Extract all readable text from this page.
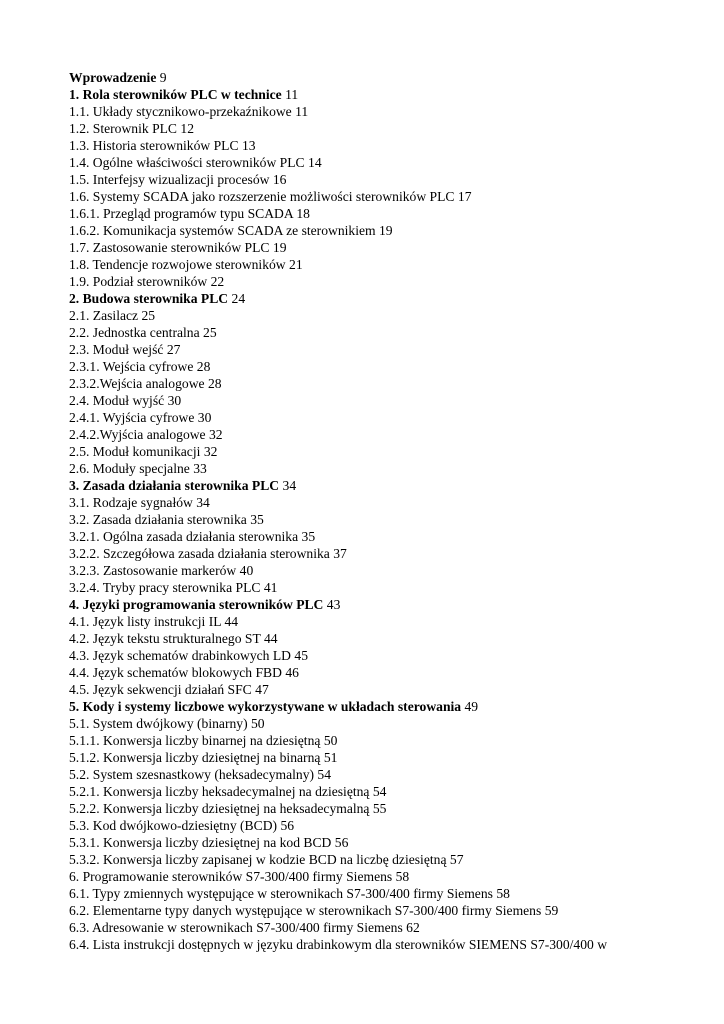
Wprowadzenie 9
1. Rola sterowników PLC w technice 11
1.1. Układy stycznikowo-przekaźnikowe 11
1.2. Sterownik PLC 12
1.3. Historia sterowników PLC 13
1.4. Ogólne właściwości sterowników PLC 14
1.5. Interfejsy wizualizacji procesów 16
1.6. Systemy SCADA jako rozszerzenie możliwości sterowników PLC 17
1.6.1. Przegląd programów typu SCADA 18
1.6.2. Komunikacja systemów SCADA ze sterownikiem 19
1.7. Zastosowanie sterowników PLC 19
1.8. Tendencje rozwojowe sterowników 21
1.9. Podział sterowników 22
2. Budowa sterownika PLC 24
2.1. Zasilacz 25
2.2. Jednostka centralna 25
2.3. Moduł wejść 27
2.3.1. Wejścia cyfrowe 28
2.3.2.Wejścia analogowe 28
2.4. Moduł wyjść 30
2.4.1. Wyjścia cyfrowe 30
2.4.2.Wyjścia analogowe 32
2.5. Moduł komunikacji 32
2.6. Moduły specjalne 33
3. Zasada działania sterownika PLC 34
3.1. Rodzaje sygnałów 34
3.2. Zasada działania sterownika 35
3.2.1. Ogólna zasada działania sterownika 35
3.2.2. Szczegółowa zasada działania sterownika 37
3.2.3. Zastosowanie markerów 40
3.2.4. Tryby pracy sterownika PLC 41
4. Języki programowania sterowników PLC 43
4.1. Język listy instrukcji IL 44
4.2. Język tekstu strukturalnego ST 44
4.3. Język schematów drabinkowych LD 45
4.4. Język schematów blokowych FBD 46
4.5. Język sekwencji działań SFC 47
5. Kody i systemy liczbowe wykorzystywane w układach sterowania 49
5.1. System dwójkowy (binarny) 50
5.1.1. Konwersja liczby binarnej na dziesiętną 50
5.1.2. Konwersja liczby dziesiętnej na binarną 51
5.2. System szesnastkowy (heksadecymalny) 54
5.2.1. Konwersja liczby heksadecymalnej na dziesiętną 54
5.2.2. Konwersja liczby dziesiętnej na heksadecymalną 55
5.3. Kod dwójkowo-dziesiętny (BCD) 56
5.3.1. Konwersja liczby dziesiętnej na kod BCD 56
5.3.2. Konwersja liczby zapisanej w kodzie BCD na liczbę dziesiętną 57
6. Programowanie sterowników S7-300/400 firmy Siemens 58
6.1. Typy zmiennych występujące w sterownikach S7-300/400 firmy Siemens 58
6.2. Elementarne typy danych występujące w sterownikach S7-300/400 firmy Siemens 59
6.3. Adresowanie w sterownikach S7-300/400 firmy Siemens 62
6.4. Lista instrukcji dostępnych w języku drabinkowym dla sterowników SIEMENS S7-300/400 w
